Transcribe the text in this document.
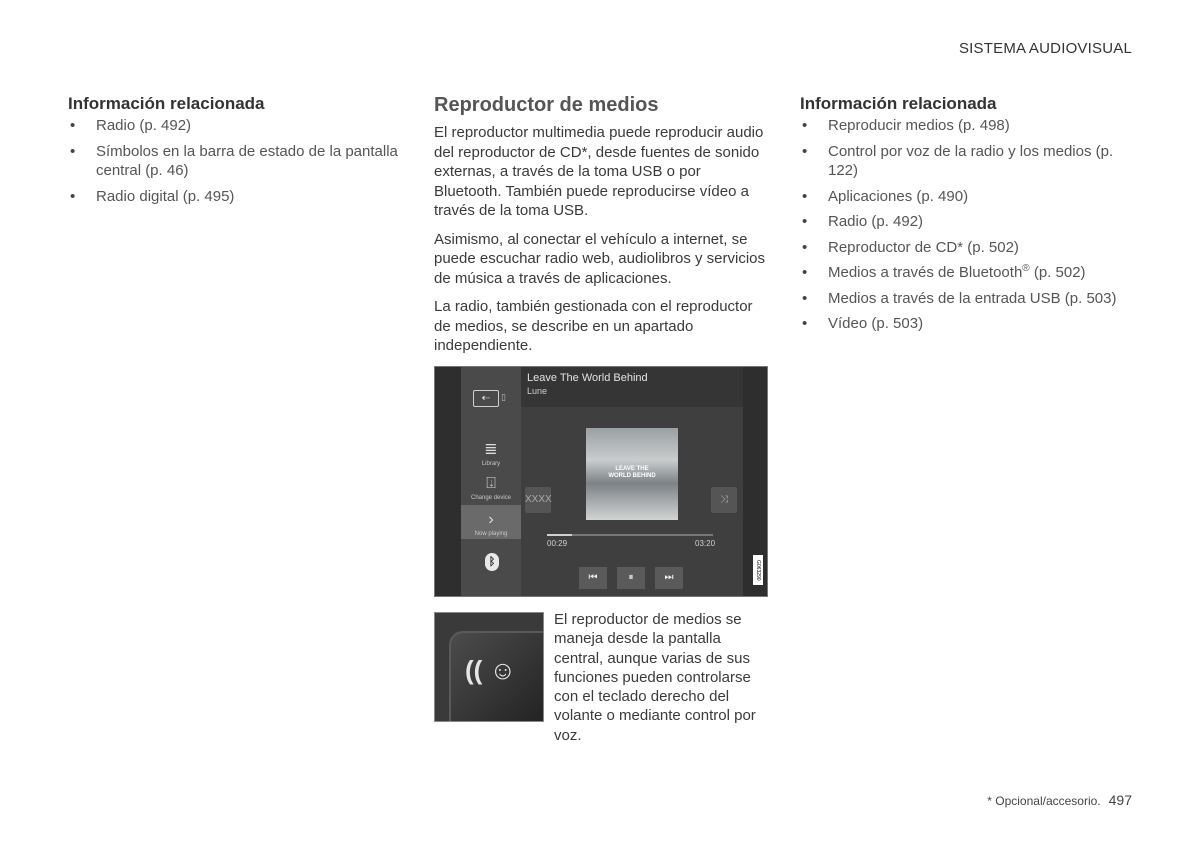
SISTEMA AUDIOVISUAL
Información relacionada
• Radio (p. 492)
• Símbolos en la barra de estado de la pantalla central (p. 46)
• Radio digital (p. 495)
Reproductor de medios

El reproductor multimedia puede reproducir audio del reproductor de CD*, desde fuentes de sonido externas, a través de la toma USB o por Bluetooth. También puede reproducirse vídeo a través de la toma USB.

Asimismo, al conectar el vehículo a internet, se puede escuchar radio web, audiolibros y servicios de música a través de aplicaciones.

La radio, también gestionada con el reproductor de medios, se describe en un apartado independiente.

Leave The World Behind
Lune
⇠	▯
≣
Library
⍗
Change device
›
Now playing
ᛒ
LEAVE THE
WORLD BEHIND
XXXX	⤨
00:29	03:20
⏮	⏸	⏭	G063290
(( ☺
El reproductor de medios se maneja desde la pantalla central, aunque varias de sus funciones pueden controlarse con el teclado derecho del volante o mediante control por voz.
Información relacionada
• Reproducir medios (p. 498)
• Control por voz de la radio y los medios (p. 122)
• Aplicaciones (p. 490)
• Radio (p. 492)
• Reproductor de CD* (p. 502)
• Medios a través de Bluetooth® (p. 502)
• Medios a través de la entrada USB (p. 503)
• Vídeo (p. 503)
* Opcional/accesorio. 497
